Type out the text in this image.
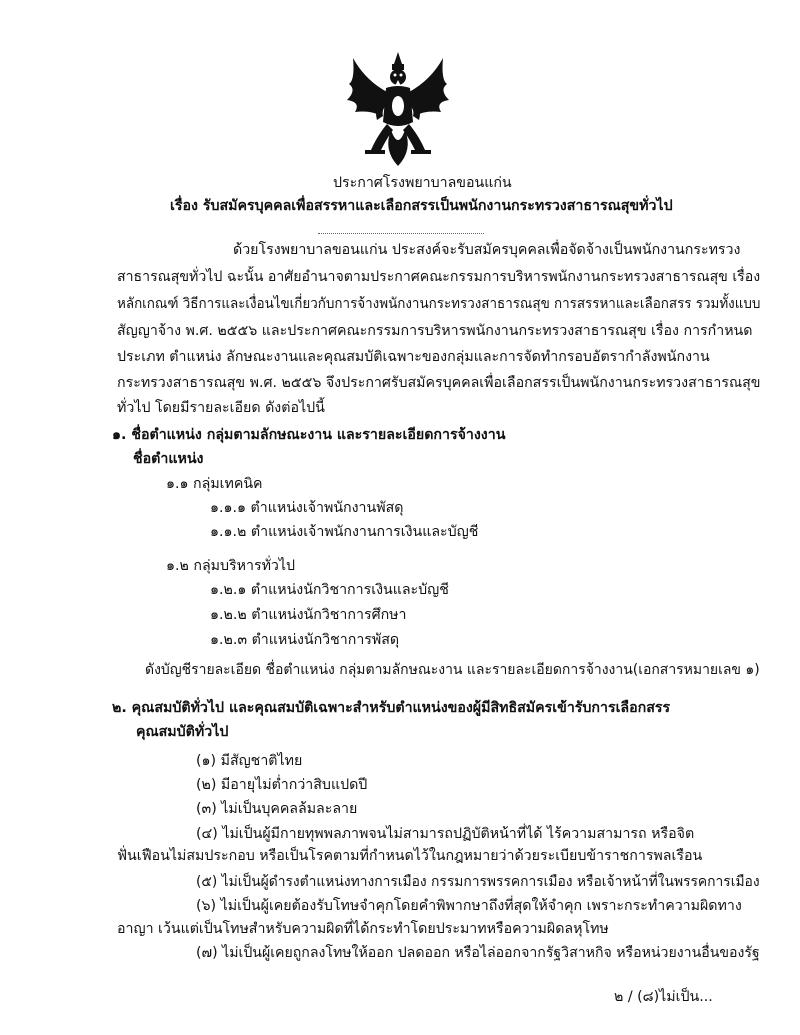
ประกาศโรงพยาบาลขอนแก่น
เรื่อง รับสมัครบุคคลเพื่อสรรหาและเลือกสรรเป็นพนักงานกระทรวงสาธารณสุขทั่วไป
ด้วยโรงพยาบาลขอนแก่น ประสงค์จะรับสมัครบุคคลเพื่อจัดจ้างเป็นพนักงานกระทรวง
สาธารณสุขทั่วไป ฉะนั้น อาศัยอำนาจตามประกาศคณะกรรมการบริหารพนักงานกระทรวงสาธารณสุข เรื่อง
หลักเกณฑ์ วิธีการและเงื่อนไขเกี่ยวกับการจ้างพนักงานกระทรวงสาธารณสุข การสรรหาและเลือกสรร รวมทั้งแบบ
สัญญาจ้าง พ.ศ. ๒๕๕๖ และประกาศคณะกรรมการบริหารพนักงานกระทรวงสาธารณสุข เรื่อง การกำหนด
ประเภท ตำแหน่ง ลักษณะงานและคุณสมบัติเฉพาะของกลุ่มและการจัดทำกรอบอัตรากำลังพนักงาน
กระทรวงสาธารณสุข พ.ศ. ๒๕๕๖ จึงประกาศรับสมัครบุคคลเพื่อเลือกสรรเป็นพนักงานกระทรวงสาธารณสุข
ทั่วไป โดยมีรายละเอียด ดังต่อไปนี้
๑. ชื่อตำแหน่ง กลุ่มตามลักษณะงาน และรายละเอียดการจ้างงาน
ชื่อตำแหน่ง
๑.๑ กลุ่มเทคนิค
๑.๑.๑ ตำแหน่งเจ้าพนักงานพัสดุ
๑.๑.๒ ตำแหน่งเจ้าพนักงานการเงินและบัญชี
๑.๒ กลุ่มบริหารทั่วไป
๑.๒.๑ ตำแหน่งนักวิชาการเงินและบัญชี
๑.๒.๒ ตำแหน่งนักวิชาการศึกษา
๑.๒.๓ ตำแหน่งนักวิชาการพัสดุ
ดังบัญชีรายละเอียด ชื่อตำแหน่ง กลุ่มตามลักษณะงาน และรายละเอียดการจ้างงาน(เอกสารหมายเลข ๑)
๒. คุณสมบัติทั่วไป และคุณสมบัติเฉพาะสำหรับตำแหน่งของผู้มีสิทธิสมัครเข้ารับการเลือกสรร
คุณสมบัติทั่วไป
(๑) มีสัญชาติไทย
(๒) มีอายุไม่ต่ำกว่าสิบแปดปี
(๓) ไม่เป็นบุคคลล้มละลาย
(๔) ไม่เป็นผู้มีกายทุพพลภาพจนไม่สามารถปฏิบัติหน้าที่ได้ ไร้ความสามารถ หรือจิต
ฟั่นเฟือนไม่สมประกอบ หรือเป็นโรคตามที่กำหนดไว้ในกฎหมายว่าด้วยระเบียบข้าราชการพลเรือน
(๕) ไม่เป็นผู้ดำรงตำแหน่งทางการเมือง กรรมการพรรคการเมือง หรือเจ้าหน้าที่ในพรรคการเมือง
(๖) ไม่เป็นผู้เคยต้องรับโทษจำคุกโดยคำพิพากษาถึงที่สุดให้จำคุก เพราะกระทำความผิดทาง
อาญา เว้นแต่เป็นโทษสำหรับความผิดที่ได้กระทำโดยประมาทหรือความผิดลหุโทษ
(๗) ไม่เป็นผู้เคยถูกลงโทษให้ออก ปลดออก หรือไล่ออกจากรัฐวิสาหกิจ หรือหน่วยงานอื่นของรัฐ
๒ / (๘)ไม่เป็น...
